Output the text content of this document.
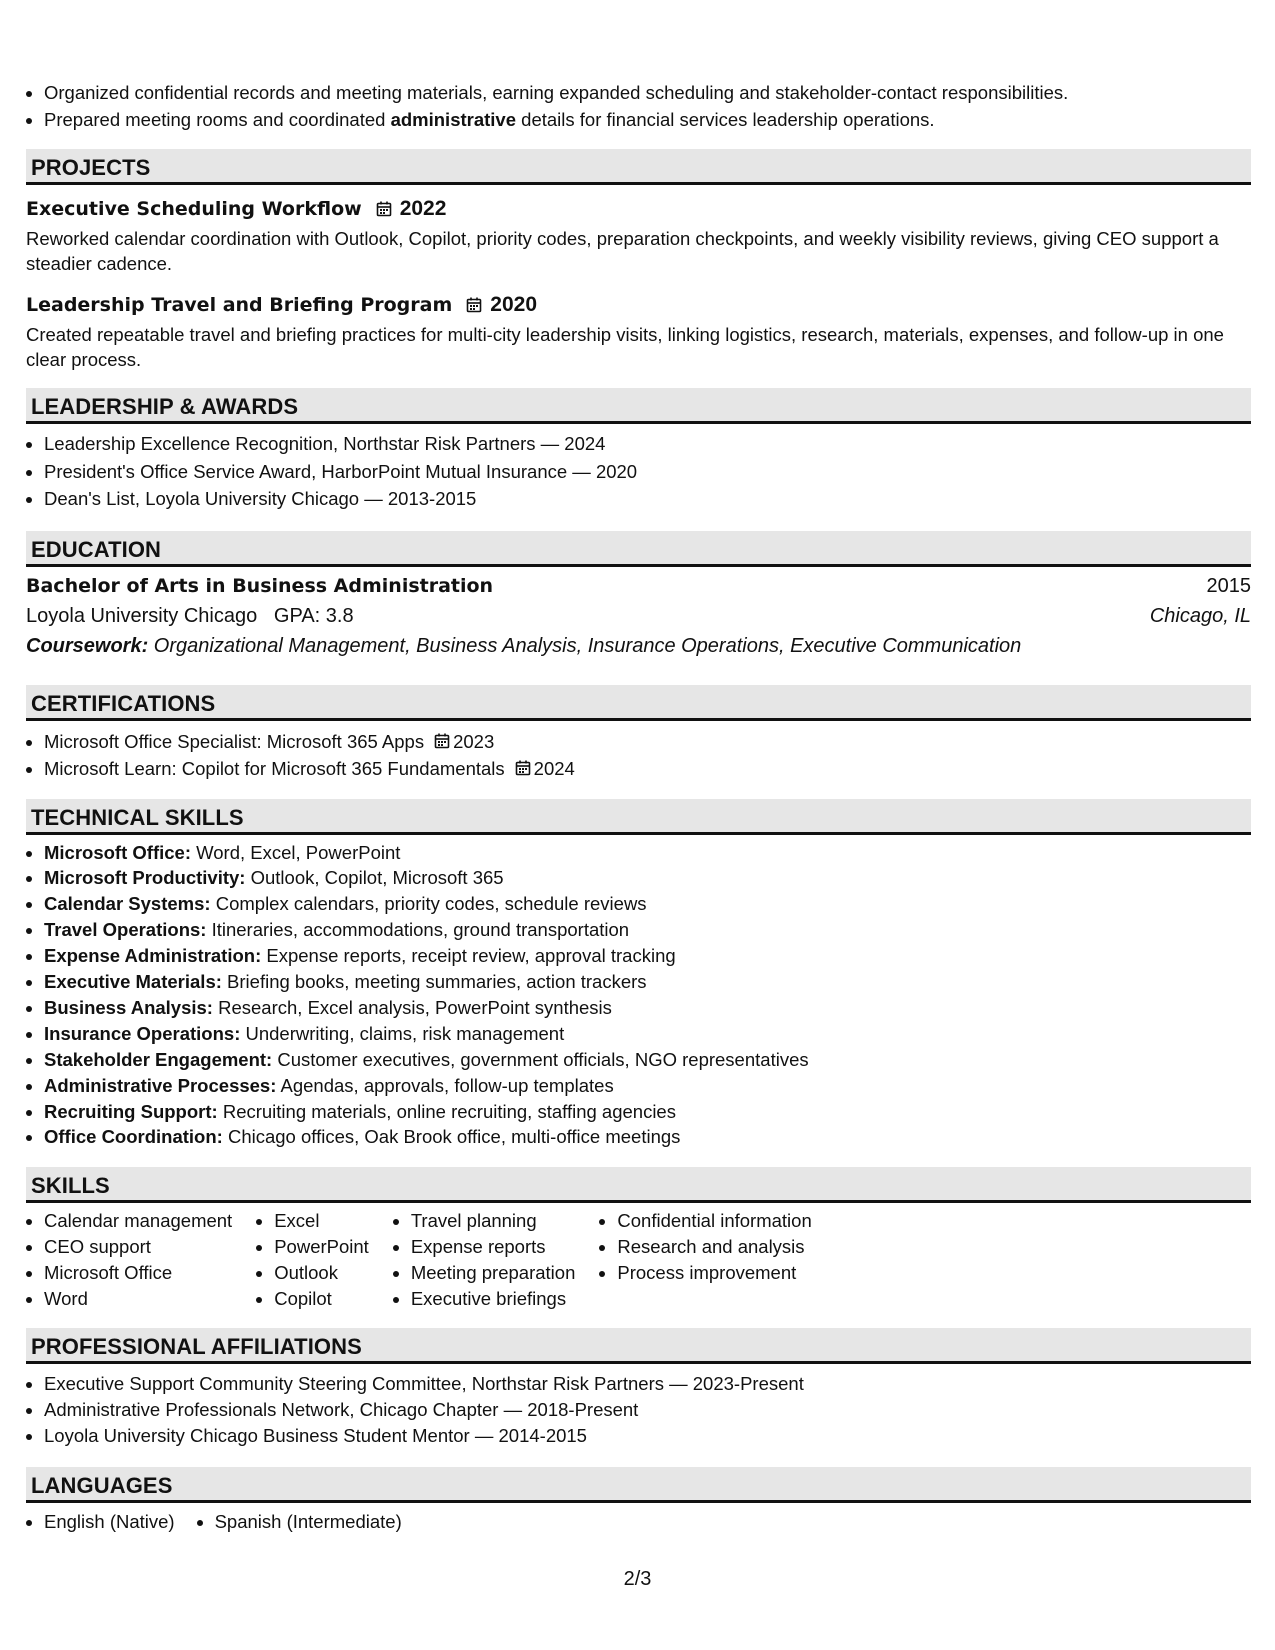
• Organized confidential records and meeting materials, earning expanded scheduling and stakeholder-contact responsibilities.
• Prepared meeting rooms and coordinated administrative details for financial services leadership operations.
PROJECTS
Executive Scheduling Workflow 2022
Reworked calendar coordination with Outlook, Copilot, priority codes, preparation checkpoints, and weekly visibility reviews, giving CEO support a steadier cadence.
Leadership Travel and Briefing Program 2020
Created repeatable travel and briefing practices for multi-city leadership visits, linking logistics, research, materials, expenses, and follow-up in one clear process.
LEADERSHIP & AWARDS
• Leadership Excellence Recognition, Northstar Risk Partners — 2024
• President's Office Service Award, HarborPoint Mutual Insurance — 2020
• Dean's List, Loyola University Chicago — 2013-2015
EDUCATION
Bachelor of Arts in Business Administration	2015
Loyola University Chicago GPA: 3.8	Chicago, IL
Coursework: Organizational Management, Business Analysis, Insurance Operations, Executive Communication
CERTIFICATIONS
• Microsoft Office Specialist: Microsoft 365 Apps 2023
• Microsoft Learn: Copilot for Microsoft 365 Fundamentals 2024
TECHNICAL SKILLS
• Microsoft Office: Word, Excel, PowerPoint
• Microsoft Productivity: Outlook, Copilot, Microsoft 365
• Calendar Systems: Complex calendars, priority codes, schedule reviews
• Travel Operations: Itineraries, accommodations, ground transportation
• Expense Administration: Expense reports, receipt review, approval tracking
• Executive Materials: Briefing books, meeting summaries, action trackers
• Business Analysis: Research, Excel analysis, PowerPoint synthesis
• Insurance Operations: Underwriting, claims, risk management
• Stakeholder Engagement: Customer executives, government officials, NGO representatives
• Administrative Processes: Agendas, approvals, follow-up templates
• Recruiting Support: Recruiting materials, online recruiting, staffing agencies
• Office Coordination: Chicago offices, Oak Brook office, multi-office meetings
SKILLS
• Calendar management
• CEO support
• Microsoft Office
• Word
• Excel
• PowerPoint
• Outlook
• Copilot
• Travel planning
• Expense reports
• Meeting preparation
• Executive briefings
• Confidential information
• Research and analysis
• Process improvement
PROFESSIONAL AFFILIATIONS
• Executive Support Community Steering Committee, Northstar Risk Partners — 2023-Present
• Administrative Professionals Network, Chicago Chapter — 2018-Present
• Loyola University Chicago Business Student Mentor — 2014-2015
LANGUAGES
• English (Native)
• Spanish (Intermediate)
2/3
